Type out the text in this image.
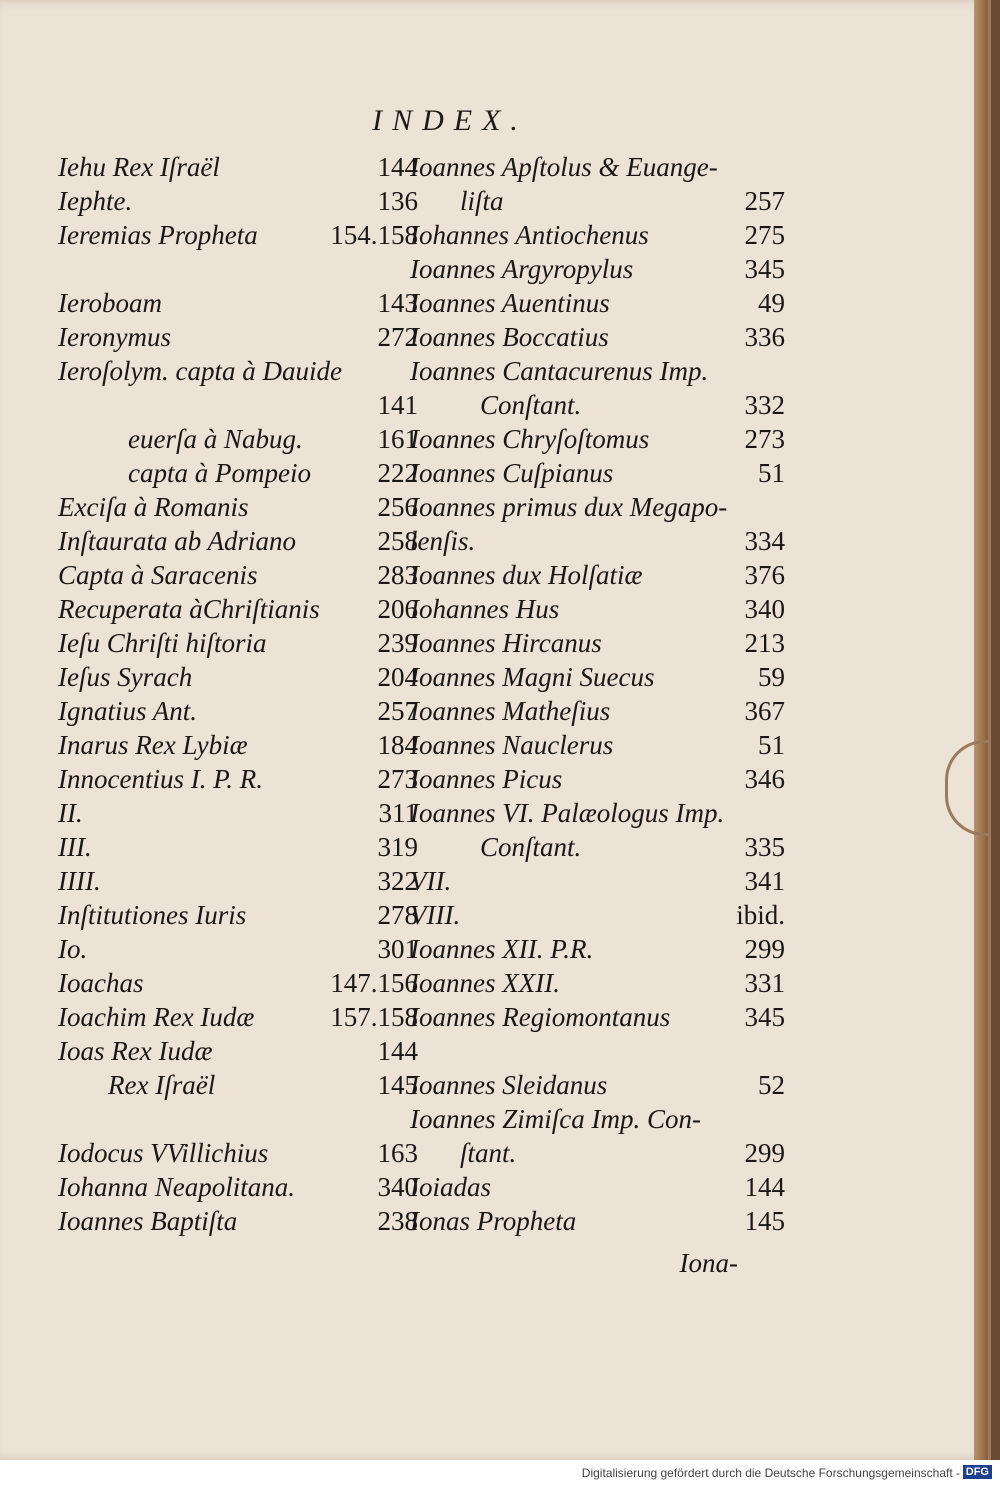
INDEX.
Iehu Rex Iſraël	144
Iephte.	136
Ieremias Propheta	154.158
Ieroboam	143
Ieronymus	272
Ieroſolym. capta à Dauide
141
euerſa à Nabug.	161
capta à Pompeio 222
Exciſa à Romanis	256
Inſtaurata ab Adriano	258
Capta à Saracenis	283
Recuperata àChriſtianis 206
Ieſu Chriſti hiſtoria	239
Ieſus Syrach	204
Ignatius Ant.	257
Inarus Rex Lybiæ	184
Innocentius I. P. R.	273
II.	311
III.	319
IIII.	322
Inſtitutiones Iuris	278
Io.	301
Ioachas	147.156
Ioachim Rex Iudæ	157.158
Ioas Rex Iudæ	144
Rex Iſraël	145
Iodocus VVillichius	163
Iohanna Neapolitana.	340
Ioannes Baptiſta	238
Ioannes Apſtolus & Euange-
liſta	257
Iohannes Antiochenus	275
Ioannes Argyropylus	345
Ioannes Auentinus	49
Ioannes Boccatius	336
Ioannes Cantacurenus Imp.
Conſtant.	332
Ioannes Chryſoſtomus	273
Ioannes Cuſpianus	51
Ioannes primus dux Megapo-
lenſis.	334
Ioannes dux Holſatiæ	376
Iohannes Hus	340
Ioannes Hircanus	213
Ioannes Magni Suecus	59
Ioannes Matheſius	367
Ioannes Nauclerus	51
Ioannes Picus	346
Ioannes VI. Palæologus Imp.
Conſtant.	335
VII.	341
VIII.	ibid.
Ioannes XII. P.R.	299
Ioannes XXII.	331
Ioannes Regiomontanus	345
Ioannes Sleidanus	52
Ioannes Zimiſca Imp. Con-
ſtant.	299
Ioiadas	144
Ionas Propheta	145
Iona-
Digitalisierung gefördert durch die Deutsche Forschungsgemeinschaft - DFG
